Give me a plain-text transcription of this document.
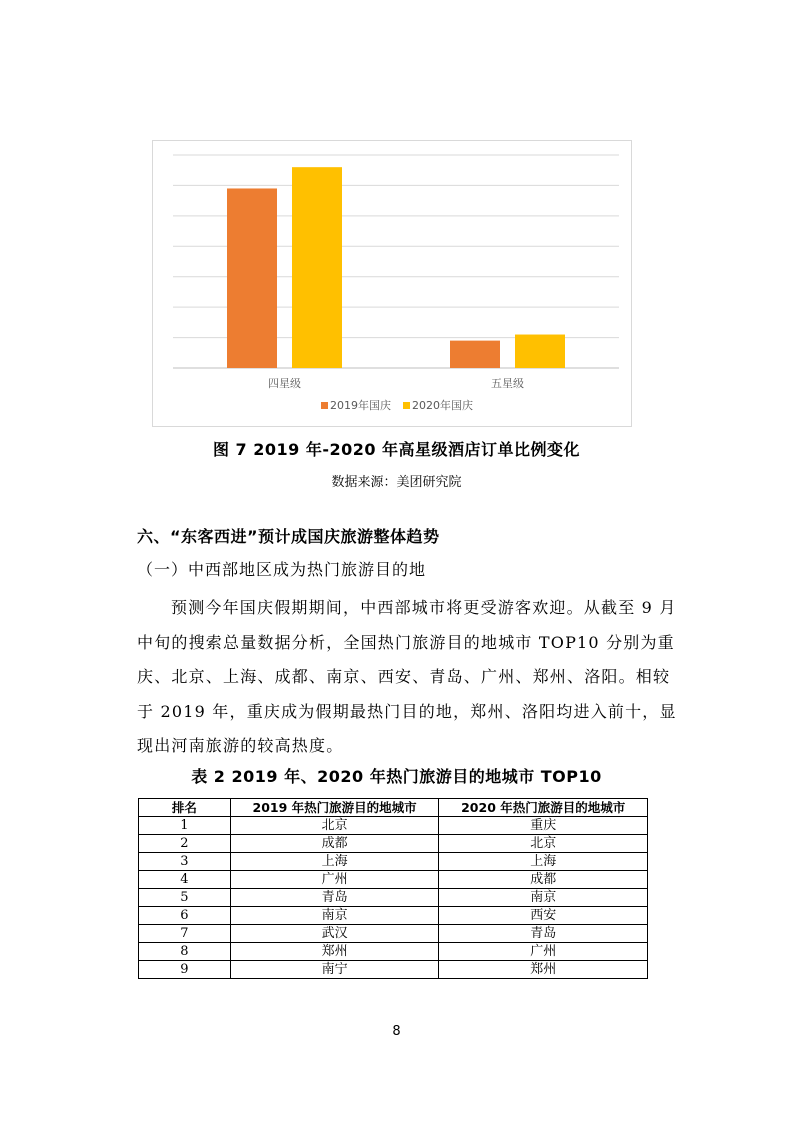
四星级	五星级
2019年国庆 2020年国庆
图 7 2019 年-2020 年高星级酒店订单比例变化
数据来源：美团研究院
六、“东客西进”预计成国庆旅游整体趋势
（一）中西部地区成为热门旅游目的地
预测今年国庆假期期间，中西部城市将更受游客欢迎。从截至 9 月中旬的搜索总量数据分析，全国热门旅游目的地城市 TOP10 分别为重庆、北京、上海、成都、南京、西安、青岛、广州、郑州、洛阳。相较于 2019 年，重庆成为假期最热门目的地，郑州、洛阳均进入前十，显现出河南旅游的较高热度。
表 2 2019 年、2020 年热门旅游目的地城市 TOP10
排名	2019 年热门旅游目的地城市	2020 年热门旅游目的地城市
1	北京	重庆
2	成都	北京
3	上海	上海
4	广州	成都
5	青岛	南京
6	南京	西安
7	武汉	青岛
8	郑州	广州
9	南宁	郑州
8
